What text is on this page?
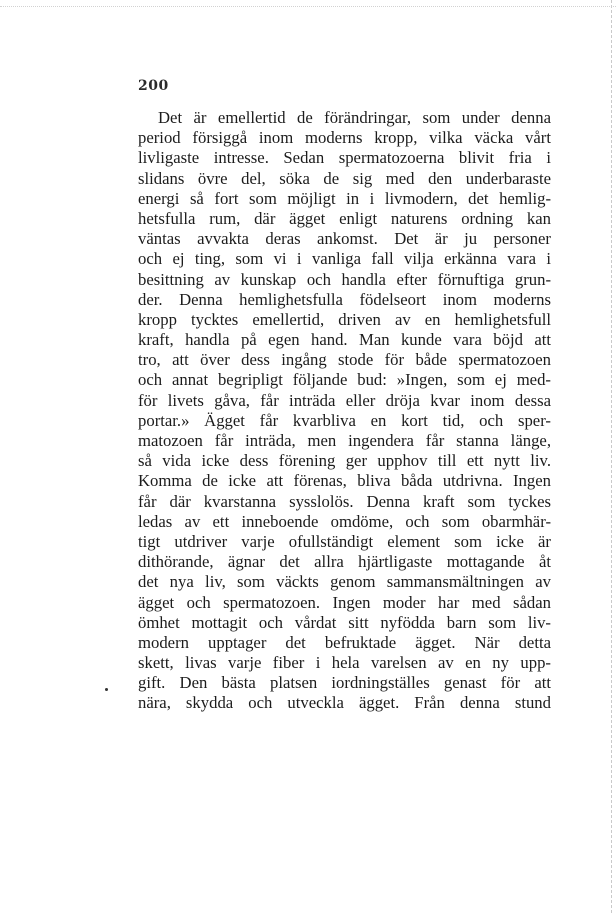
200
Det är emellertid de förändringar, som under denna
period försiggå inom moderns kropp, vilka väcka vårt
livligaste intresse. Sedan spermatozoerna blivit fria i
slidans övre del, söka de sig med den underbaraste
energi så fort som möjligt in i livmodern, det hemlig-
hetsfulla rum, där ägget enligt naturens ordning kan
väntas avvakta deras ankomst. Det är ju personer
och ej ting, som vi i vanliga fall vilja erkänna vara i
besittning av kunskap och handla efter förnuftiga grun-
der. Denna hemlighetsfulla födelseort inom moderns
kropp tycktes emellertid, driven av en hemlighetsfull
kraft, handla på egen hand. Man kunde vara böjd att
tro, att över dess ingång stode för både spermatozoen
och annat begripligt följande bud: »Ingen, som ej med-
för livets gåva, får inträda eller dröja kvar inom dessa
portar.» Ägget får kvarbliva en kort tid, och sper-
matozoen får inträda, men ingendera får stanna länge,
så vida icke dess förening ger upphov till ett nytt liv.
Komma de icke att förenas, bliva båda utdrivna. Ingen
får där kvarstanna sysslolös. Denna kraft som tyckes
ledas av ett inneboende omdöme, och som obarmhär-
tigt utdriver varje ofullständigt element som icke är
dithörande, ägnar det allra hjärtligaste mottagande åt
det nya liv, som väckts genom sammansmältningen av
ägget och spermatozoen. Ingen moder har med sådan
ömhet mottagit och vårdat sitt nyfödda barn som liv-
modern upptager det befruktade ägget. När detta
skett, livas varje fiber i hela varelsen av en ny upp-
gift. Den bästa platsen iordningställes genast för att
nära, skydda och utveckla ägget. Från denna stund
